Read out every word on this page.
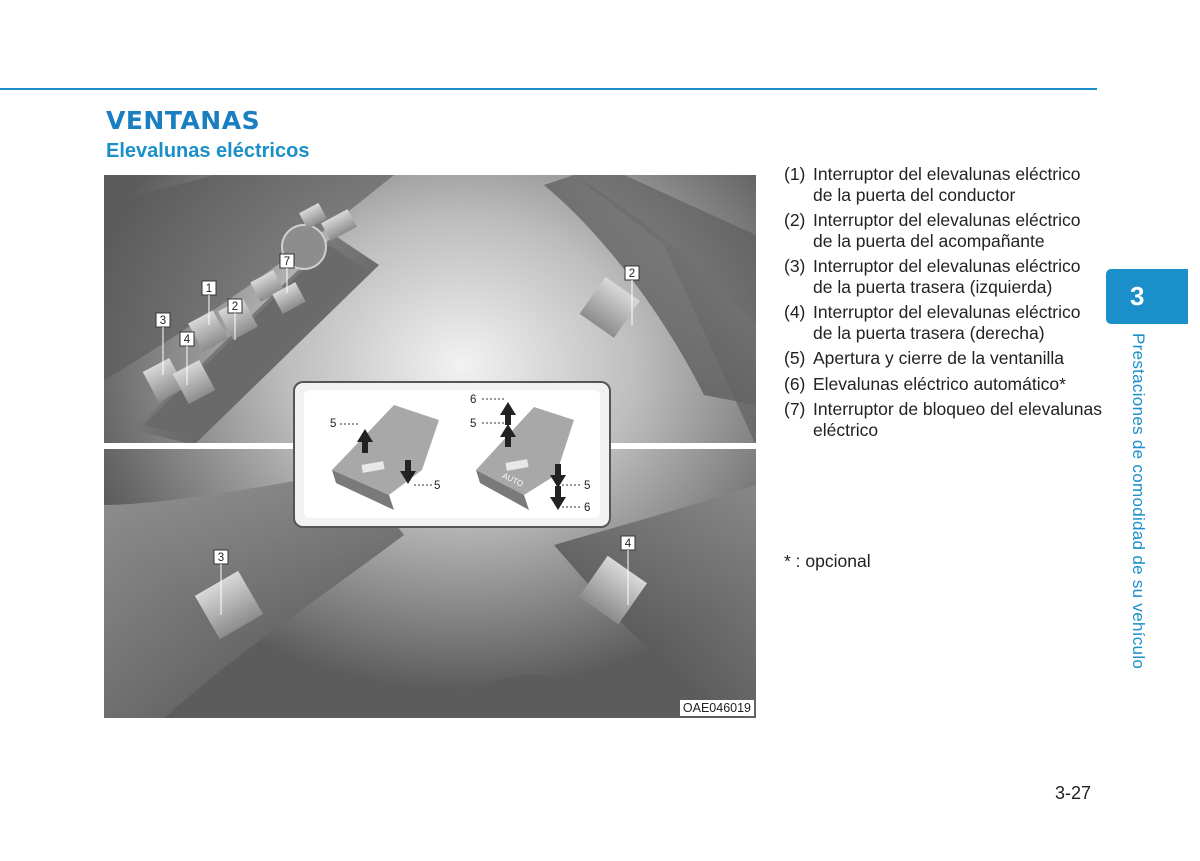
VENTANAS
Elevalunas eléctricos
1
2
3
4
7
2
3
4
5
5
6
5
5
6
AUTO
OAE046019
(1) Interruptor del elevalunas eléctrico de la puerta del conductor
(2) Interruptor del elevalunas eléctrico de la puerta del acompañante
(3) Interruptor del elevalunas eléctrico de la puerta trasera (izquierda)
(4) Interruptor del elevalunas eléctrico de la puerta trasera (derecha)
(5) Apertura y cierre de la ventanilla
(6) Elevalunas eléctrico automático*
(7) Interruptor de bloqueo del elevalunas eléctrico
* : opcional
3
Prestaciones de comodidad de su vehículo
3-27
